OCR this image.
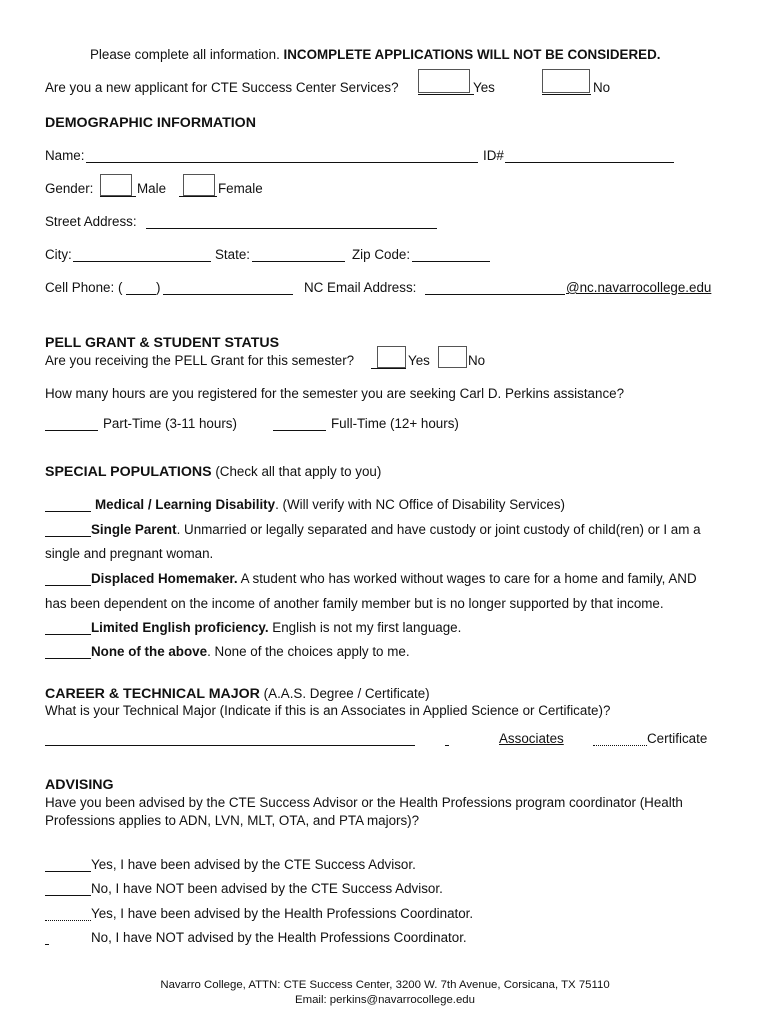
Please complete all information. INCOMPLETE APPLICATIONS WILL NOT BE CONSIDERED.
Are you a new applicant for CTE Success Center Services?	Yes	No
DEMOGRAPHIC INFORMATION
Name:	ID#
Gender:	Male	Female
Street Address:
City:	State:	Zip Code:
Cell Phone: (	)	NC Email Address:	@nc.navarrocollege.edu
PELL GRANT & STUDENT STATUS
Are you receiving the PELL Grant for this semester?	Yes	No
How many hours are you registered for the semester you are seeking Carl D. Perkins assistance?
Part-Time (3-11 hours)	Full-Time (12+ hours)
SPECIAL POPULATIONS (Check all that apply to you)
Medical / Learning Disability. (Will verify with NC Office of Disability Services)
Single Parent. Unmarried or legally separated and have custody or joint custody of child(ren) or I am a
single and pregnant woman.
Displaced Homemaker. A student who has worked without wages to care for a home and family, AND
has been dependent on the income of another family member but is no longer supported by that income.
Limited English proficiency. English is not my first language.
None of the above. None of the choices apply to me.
CAREER & TECHNICAL MAJOR (A.A.S. Degree / Certificate)
What is your Technical Major (Indicate if this is an Associates in Applied Science or Certificate)?
Associates	Certificate
ADVISING
Have you been advised by the CTE Success Advisor or the Health Professions program coordinator (Health
Professions applies to ADN, LVN, MLT, OTA, and PTA majors)?
Yes, I have been advised by the CTE Success Advisor.
No, I have NOT been advised by the CTE Success Advisor.
Yes, I have been advised by the Health Professions Coordinator.
No, I have NOT advised by the Health Professions Coordinator.
Navarro College, ATTN: CTE Success Center, 3200 W. 7th Avenue, Corsicana, TX 75110
Email: perkins@navarrocollege.edu
